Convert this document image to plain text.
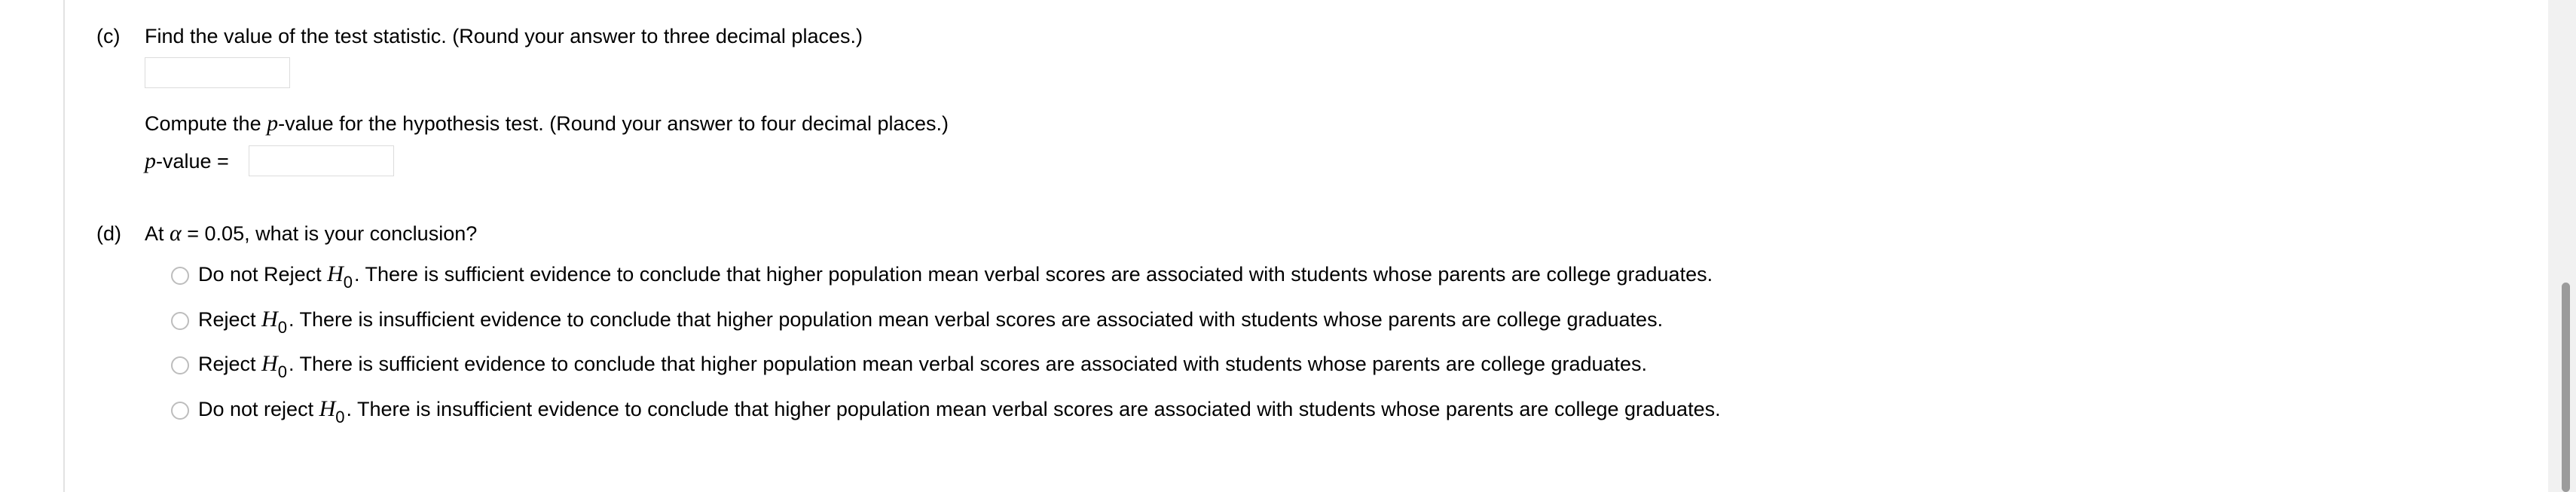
(c) Find the value of the test statistic. (Round your answer to three decimal places.)
Compute the p-value for the hypothesis test. (Round your answer to four decimal places.)
p-value =
(d) At α = 0.05, what is your conclusion?
Do not Reject $H_0$. There is sufficient evidence to conclude that higher population mean verbal scores are associated with students whose parents are college graduates.
Reject $H_0$. There is insufficient evidence to conclude that higher population mean verbal scores are associated with students whose parents are college graduates.
Reject $H_0$. There is sufficient evidence to conclude that higher population mean verbal scores are associated with students whose parents are college graduates.
Do not reject $H_0$. There is insufficient evidence to conclude that higher population mean verbal scores are associated with students whose parents are college graduates.
